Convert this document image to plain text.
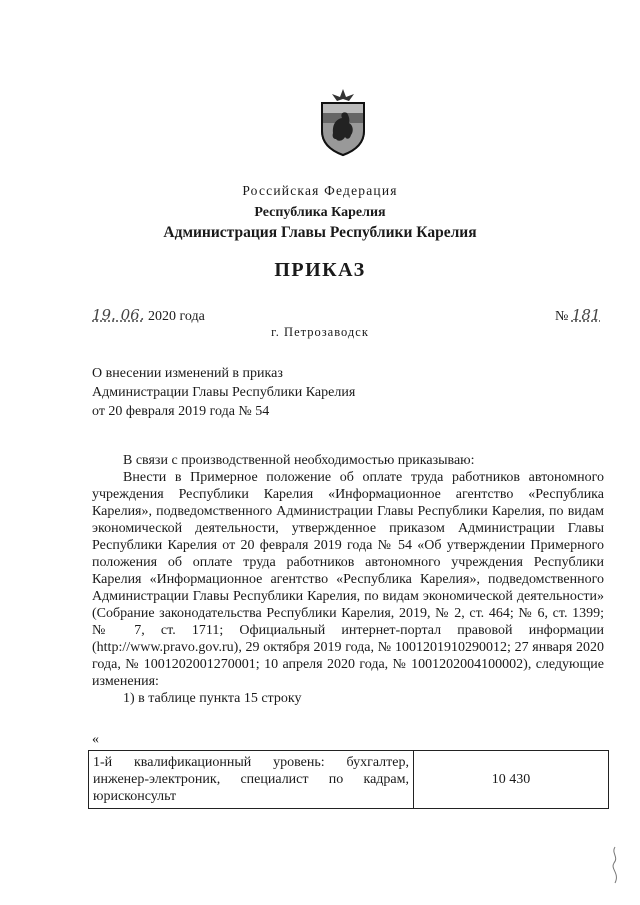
Российская Федерация
Республика Карелия
Администрация Главы Республики Карелия
ПРИКАЗ
19. 06. 2020 года	№ 181
г. Петрозаводск
О внесении изменений в приказ
Администрации Главы Республики Карелия
от 20 февраля 2019 года № 54

В связи с производственной необходимостью приказываю:

Внести в Примерное положение об оплате труда работников автономного учреждения Республики Карелия «Информационное агентство «Республика Карелия», подведомственного Администрации Главы Республики Карелия, по видам экономической деятельности, утвержденное приказом Администрации Главы Республики Карелия от 20 февраля 2019 года № 54 «Об утверждении Примерного положения об оплате труда работников автономного учреждения Республики Карелия «Информационное агентство «Республика Карелия», подведомственного Администрации Главы Республики Карелия, по видам экономической деятельности» (Собрание законодательства Республики Карелия, 2019, № 2, ст. 464; № 6, ст. 1399; № 7, ст. 1711; Официальный интернет-портал правовой информации (http://www.pravo.gov.ru), 29 октября 2019 года, № 1001201910290012; 27 января 2020 года, № 1001202001270001; 10 апреля 2020 года, № 1001202004100002), следующие изменения:

1) в таблице пункта 15 строку

«
1-й квалификационный уровень: бухгалтер, инженер-электроник, специалист по кадрам, юрисконсульт	10 430
